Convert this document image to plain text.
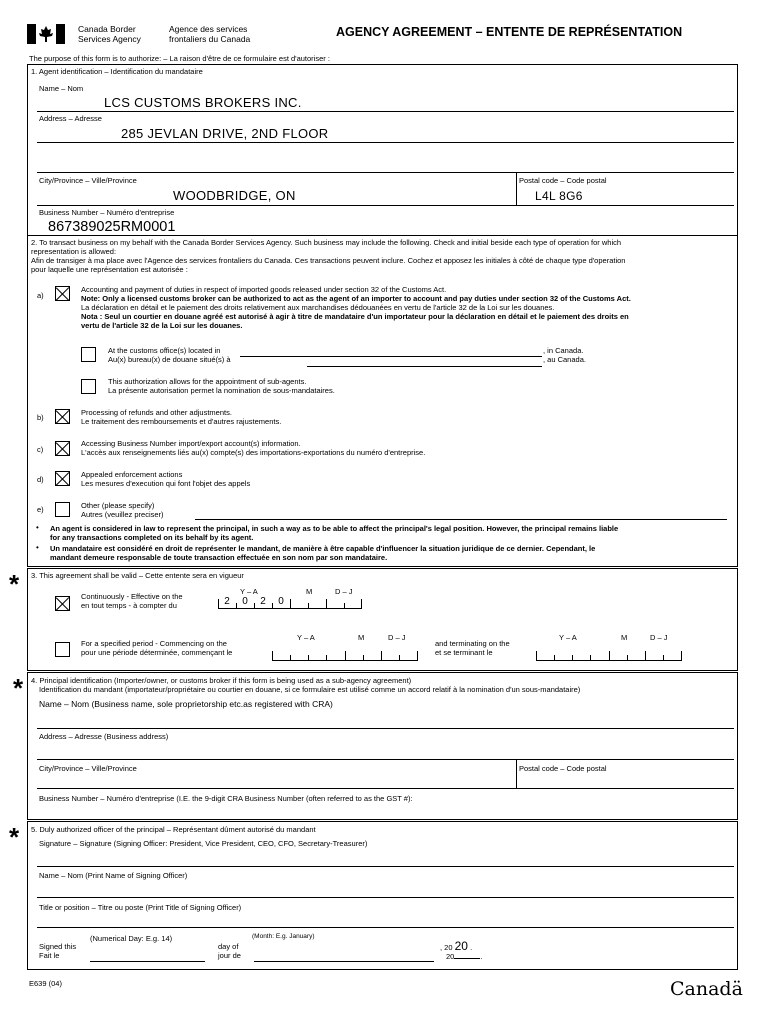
Canada Border
Services Agency
Agence des services
frontaliers du Canada	AGENCY AGREEMENT – ENTENTE DE REPRÉSENTATION
The purpose of this form is to authorize: – La raison d'être de ce formulaire est d'autoriser :
1. Agent identification – Identification du mandataire
Name – Nom
LCS CUSTOMS BROKERS INC.
Address – Adresse
285 JEVLAN DRIVE, 2ND FLOOR
City/Province – Ville/Province	Postal code – Code postal
WOODBRIDGE, ON	L4L 8G6
Business Number – Numéro d'entreprise
867389025RM0001
2. To transact business on my behalf with the Canada Border Services Agency. Such business may include the following. Check and initial beside each type of operation for which
representation is allowed:
Afin de transiger à ma place avec l'Agence des services frontaliers du Canada. Ces transactions peuvent inclure. Cochez et apposez les initiales à côté de chaque type d'operation
pour laquelle une représentation est autorisée :
a)
Accounting and payment of duties in respect of imported goods released under section 32 of the Customs Act.
Note: Only a licensed customs broker can be authorized to act as the agent of an importer to account and pay duties under section 32 of the Customs Act.
La déclaration en détail et le paiement des droits relativement aux marchandises dédouanées en vertu de l'article 32 de la Loi sur les douanes.
Nota : Seul un courtier en douane agréé est autorisé à agir à titre de mandataire d'un importateur pour la déclaration en détail et le paiement des droits en
vertu de l'article 32 de la Loi sur les douanes.
At the customs office(s) located in
Au(x) bureau(x) de douane situé(s) à
, in Canada.
, au Canada.
This authorization allows for the appointment of sub-agents.
La présente autorisation permet la nomination de sous-mandataires.
b)
Processing of refunds and other adjustments.
Le traitement des remboursements et d'autres rajustements.
c)
Accessing Business Number import/export account(s) information.
L'accès aux renseignements liés au(x) compte(s) des importations-exportations du numéro d'entreprise.
d)
Appealed enforcement actions
Les mesures d'execution qui font l'objet des appels
e)	Other (please specify)
Autres (veuillez preciser)
• An agent is considered in law to represent the principal, in such a way as to be able to affect the principal's legal position. However, the principal remains liable
for any transactions completed on its behalf by its agent.
• Un mandataire est considéré en droit de représenter le mandant, de manière à être capable d'influencer la situation juridique de ce dernier. Cependant, le
mandant demeure responsable de toute transaction effectuée en son nom par son mandataire.
* 3. This agreement shall be valid – Cette entente sera en vigueur
Continuously - Effective on the
en tout temps - à compter du
Y – A	M	D – J
2	0	2	0
For a specified period - Commencing on the
pour une période déterminée, commençant le
Y – A	M	D – J
and terminating on the
et se terminant le
Y – A	M	D – J
* 4. Principal identification (Importer/owner, or customs broker if this form is being used as a sub-agency agreement)
Identification du mandant (importateur/propriétaire ou courtier en douane, si ce formulaire est utilisé comme un accord relatif à la nomination d'un sous-mandataire)
Name – Nom (Business name, sole proprietorship etc.as registered with CRA)
Address – Adresse (Business address)
City/Province – Ville/Province	Postal code – Code postal
Business Number – Numéro d'entreprise (I.E. the 9-digit CRA Business Number (often referred to as the GST #):
* 5. Duly authorized officer of the principal – Représentant dûment autorisé du mandant
Signature – Signature (Signing Officer: President, Vice President, CEO, CFO, Secretary-Treasurer)
Name – Nom (Print Name of Signing Officer)
Title or position – Titre ou poste (Print Title of Signing Officer)
(Numerical Day: E.g. 14)	(Month: E.g. January)
Signed this
Fait le
day of
jour de
, 20 20 .
20	.
E639 (04)	Canadä
